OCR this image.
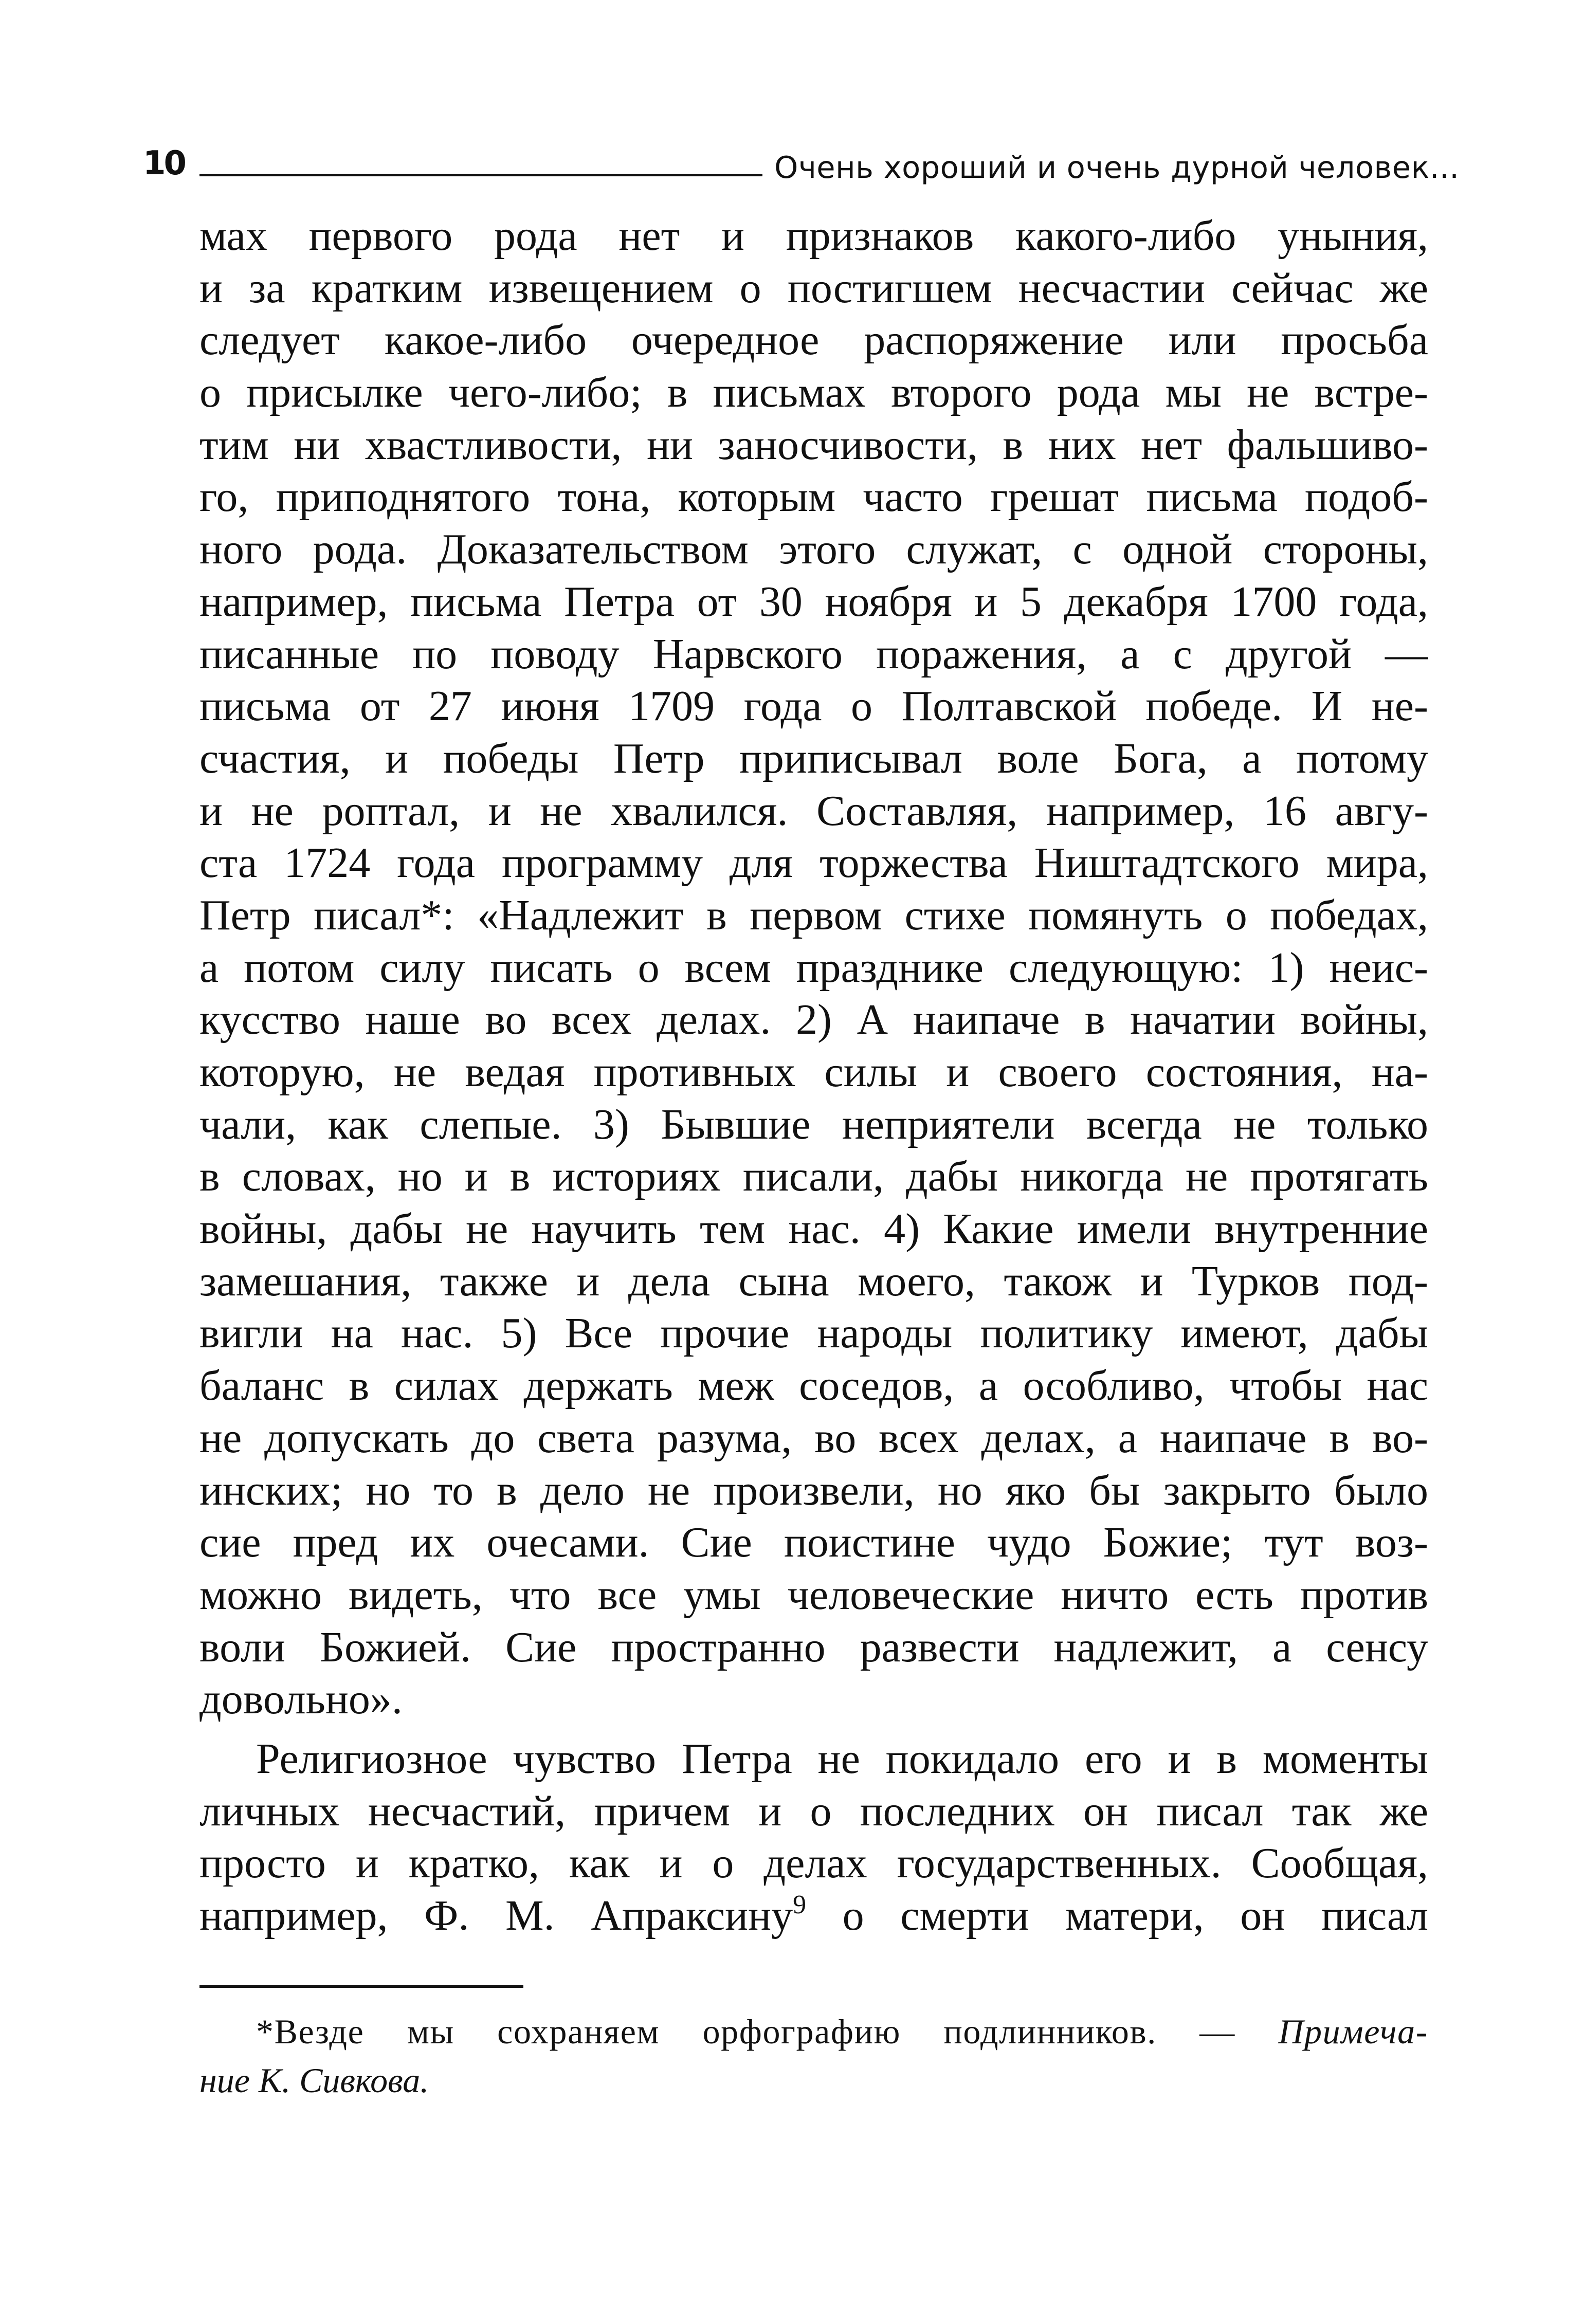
10	Очень хороший и очень дурной человек...
мах первого рода нет и признаков какого-либо уныния,
и за кратким извещением о постигшем несчастии сейчас же
следует какое-либо очередное распоряжение или просьба
о присылке чего-либо; в письмах второго рода мы не встре-
тим ни хвастливости, ни заносчивости, в них нет фальшиво-
го, приподнятого тона, которым часто грешат письма подоб-
ного рода. Доказательством этого служат, с одной стороны,
например, письма Петра от 30 ноября и 5 декабря 1700 года,
писанные по поводу Нарвского поражения, а с другой —
письма от 27 июня 1709 года о Полтавской победе. И не-
счастия, и победы Петр приписывал воле Бога, а потому
и не роптал, и не хвалился. Составляя, например, 16 авгу-
ста 1724 года программу для торжества Ништадтского мира,
Петр писал*: «Надлежит в первом стихе помянуть о победах,
а потом силу писать о всем празднике следующую: 1) неис-
кусство наше во всех делах. 2) А наипаче в начатии войны,
которую, не ведая противных силы и своего состояния, на-
чали, как слепые. 3) Бывшие неприятели всегда не только
в словах, но и в историях писали, дабы никогда не протягать
войны, дабы не научить тем нас. 4) Какие имели внутренние
замешания, также и дела сына моего, також и Турков под-
вигли на нас. 5) Все прочие народы политику имеют, дабы
баланс в силах держать меж соседов, а особливо, чтобы нас
не допускать до света разума, во всех делах, а наипаче в во-
инских; но то в дело не произвели, но яко бы закрыто было
сие пред их очесами. Сие поистине чудо Божие; тут воз-
можно видеть, что все умы человеческие ничто есть против
воли Божией. Сие пространно развести надлежит, а сенсу
довольно».
Религиозное чувство Петра не покидало его и в моменты
личных несчастий, причем и о последних он писал так же
просто и кратко, как и о делах государственных. Сообщая,
например, Ф. М. Апраксину$^9$ о смерти матери, он писал
*Везде мы сохраняем орфографию подлинников. — Примеча-
ние К. Сивкова.
